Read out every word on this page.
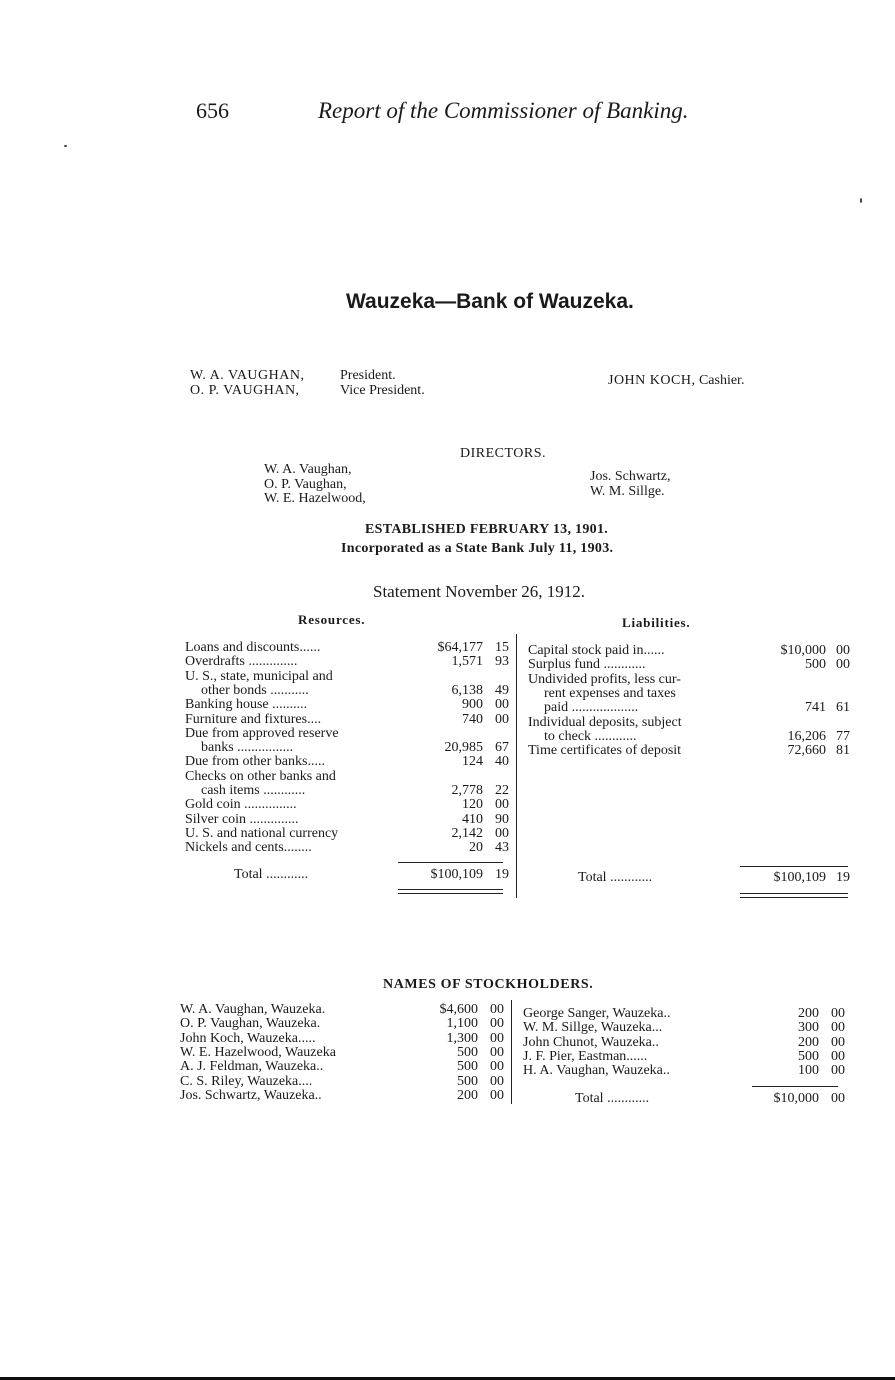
656	Report of the Commissioner of Banking.
Wauzeka—Bank of Wauzeka.
W. A. VAUGHAN,	President.
O. P. VAUGHAN,	Vice President.
JOHN KOCH, Cashier.
DIRECTORS.
W. A. Vaughan,
O. P. Vaughan,
W. E. Hazelwood,
Jos. Schwartz,
W. M. Sillge.
ESTABLISHED FEBRUARY 13, 1901.
Incorporated as a State Bank July 11, 1903.
Statement November 26, 1912.
Resources.	Liabilities.
Loans and discounts......	$64,177 15
Overdrafts ..............	1,571 93
U. S., state, municipal and
other bonds ...........	6,138 49
Banking house ..........	900 00
Furniture and fixtures....	740 00
Due from approved reserve
banks ................	20,985 67
Due from other banks.....	124 40
Checks on other banks and
cash items ............	2,778 22
Gold coin ...............	120 00
Silver coin ..............	410 90
U. S. and national currency	2,142 00
Nickels and cents........	20 43
Total ............	$100,109 19
Capital stock paid in......	$10,000 00
Surplus fund ............	500 00
Undivided profits, less cur-
rent expenses and taxes
paid ...................	741 61
Individual deposits, subject
to check ............	16,206 77
Time certificates of deposit	72,660 81
Total ............	$100,109 19
NAMES OF STOCKHOLDERS.
W. A. Vaughan, Wauzeka.	$4,600 00
O. P. Vaughan, Wauzeka.	1,100 00
John Koch, Wauzeka.....	1,300 00
W. E. Hazelwood, Wauzeka	500 00
A. J. Feldman, Wauzeka..	500 00
C. S. Riley, Wauzeka....	500 00
Jos. Schwartz, Wauzeka..	200 00
George Sanger, Wauzeka..	200 00
W. M. Sillge, Wauzeka...	300 00
John Chunot, Wauzeka..	200 00
J. F. Pier, Eastman......	500 00
H. A. Vaughan, Wauzeka..	100 00
Total ............	$10,000 00
